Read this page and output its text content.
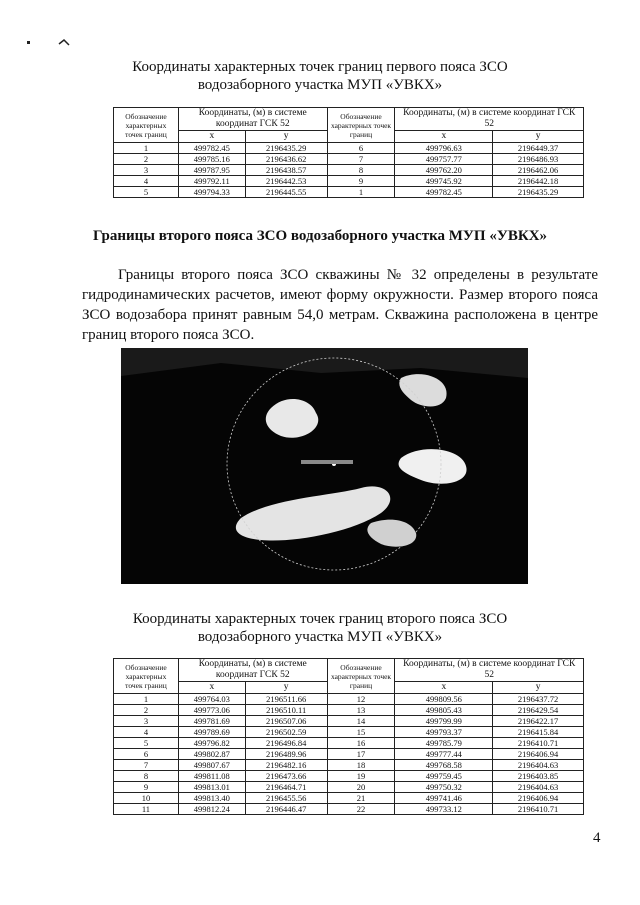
Координаты характерных точек границ первого пояса ЗСО
водозаборного участка МУП «УВКХ»
Обозначение характерных точек границ	Координаты, (м) в системе координат ГСК 52		Обозначение характерных точек границ	Координаты, (м) в системе координат ГСК 52	
	x	y		x	y
1	499782.45	2196435.29	6	499796.63	2196449.37
2	499785.16	2196436.62	7	499757.77	2196486.93
3	499787.95	2196438.57	8	499762.20	2196462.06
4	499792.11	2196442.53	9	499745.92	2196442.18
5	499794.33	2196445.55	1	499782.45	2196435.29
Границы второго пояса ЗСО водозаборного участка МУП «УВКХ»
Границы второго пояса ЗСО скважины № 32 определены в результате гидродинамических расчетов, имеют форму окружности. Размер второго пояса ЗСО водозабора принят равным 54,0 метрам. Скважина расположена в центре границ второго пояса ЗСО.
Координаты характерных точек границ второго пояса ЗСО
водозаборного участка МУП «УВКХ»
Обозначение характерных точек границ	Координаты, (м) в системе координат ГСК 52		Обозначение характерных точек границ	Координаты, (м) в системе координат ГСК 52	
	x	y		x	y
1	499764.03	2196511.66	12	499809.56	2196437.72
2	499773.06	2196510.11	13	499805.43	2196429.54
3	499781.69	2196507.06	14	499799.99	2196422.17
4	499789.69	2196502.59	15	499793.37	2196415.84
5	499796.82	2196496.84	16	499785.79	2196410.71
6	499802.87	2196489.96	17	499777.44	2196406.94
7	499807.67	2196482.16	18	499768.58	2196404.63
8	499811.08	2196473.66	19	499759.45	2196403.85
9	499813.01	2196464.71	20	499750.32	2196404.63
10	499813.40	2196455.56	21	499741.46	2196406.94
11	499812.24	2196446.47	22	499733.12	2196410.71
4
